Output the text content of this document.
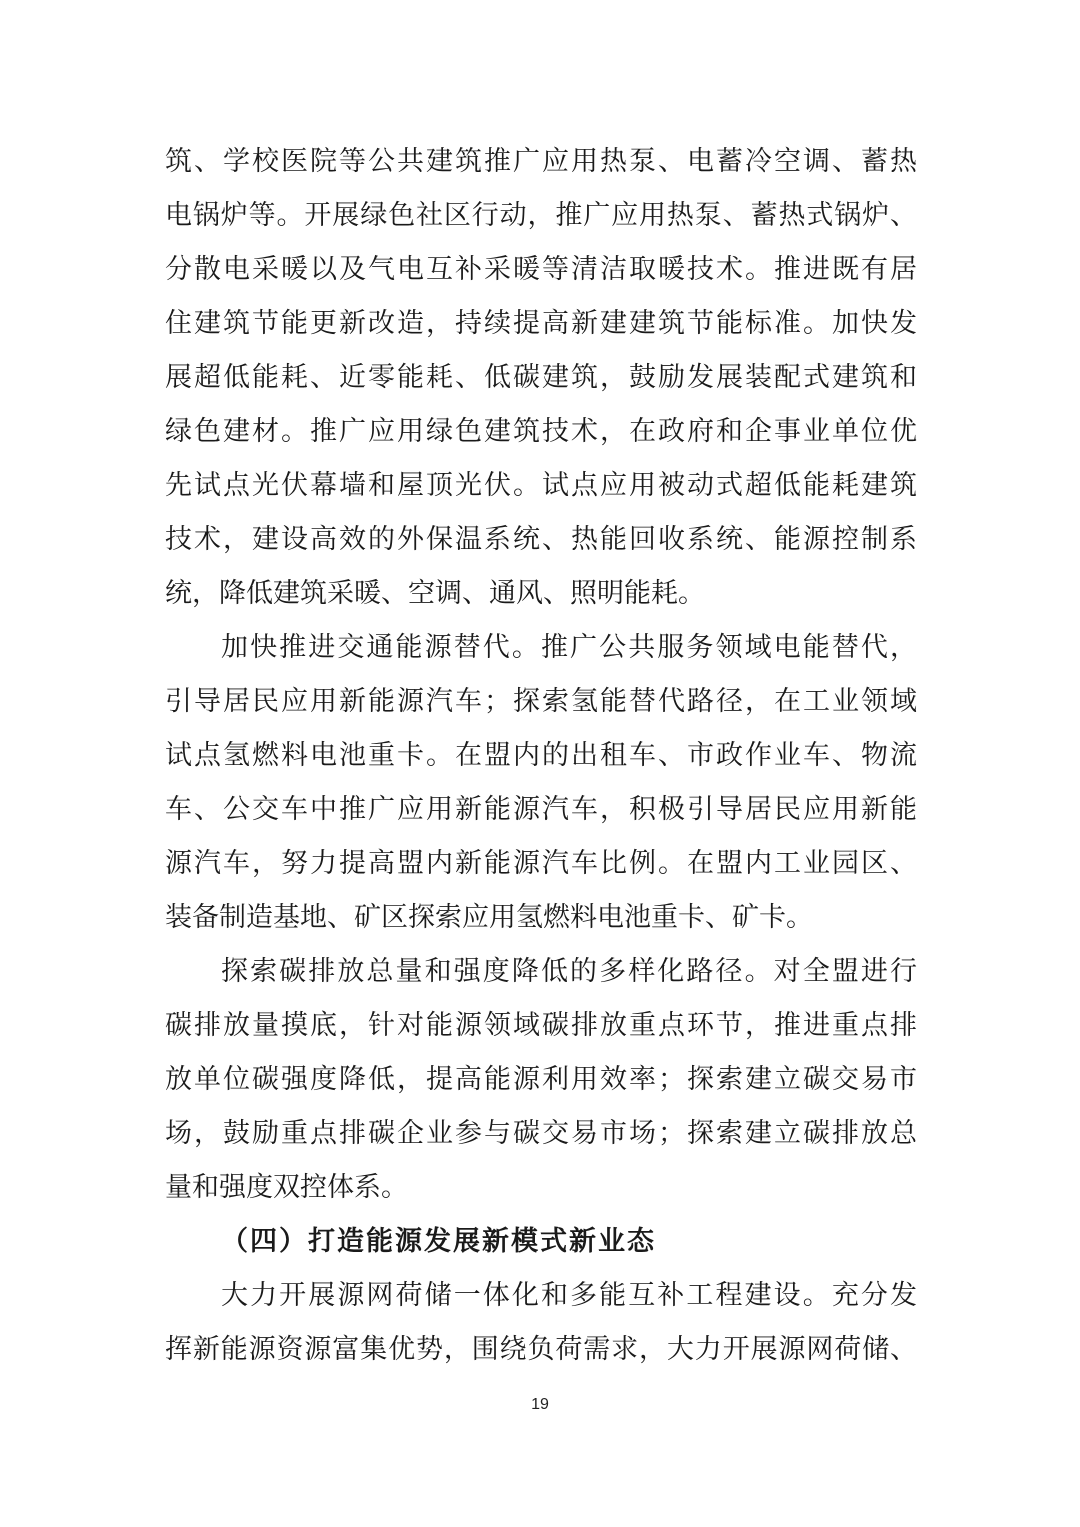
筑、学校医院等公共建筑推广应用热泵、电蓄冷空调、蓄热
电锅炉等。开展绿色社区行动，推广应用热泵、蓄热式锅炉、
分散电采暖以及气电互补采暖等清洁取暖技术。推进既有居
住建筑节能更新改造，持续提高新建建筑节能标准。加快发
展超低能耗、近零能耗、低碳建筑，鼓励发展装配式建筑和
绿色建材。推广应用绿色建筑技术，在政府和企事业单位优
先试点光伏幕墙和屋顶光伏。试点应用被动式超低能耗建筑
技术，建设高效的外保温系统、热能回收系统、能源控制系
统，降低建筑采暖、空调、通风、照明能耗。
加快推进交通能源替代。推广公共服务领域电能替代，
引导居民应用新能源汽车；探索氢能替代路径，在工业领域
试点氢燃料电池重卡。在盟内的出租车、市政作业车、物流
车、公交车中推广应用新能源汽车，积极引导居民应用新能
源汽车，努力提高盟内新能源汽车比例。在盟内工业园区、
装备制造基地、矿区探索应用氢燃料电池重卡、矿卡。
探索碳排放总量和强度降低的多样化路径。对全盟进行
碳排放量摸底，针对能源领域碳排放重点环节，推进重点排
放单位碳强度降低，提高能源利用效率；探索建立碳交易市
场，鼓励重点排碳企业参与碳交易市场；探索建立碳排放总
量和强度双控体系。
（四）打造能源发展新模式新业态
大力开展源网荷储一体化和多能互补工程建设。充分发
挥新能源资源富集优势，围绕负荷需求，大力开展源网荷储、
19
